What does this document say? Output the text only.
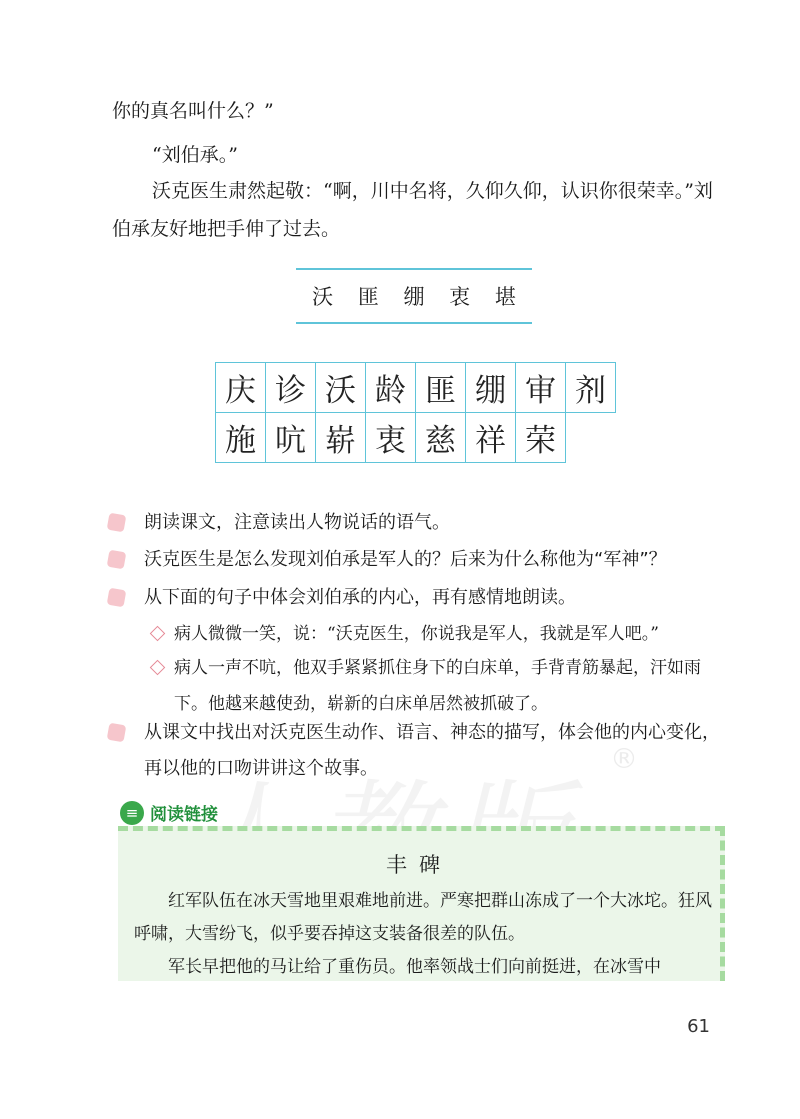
你的真名叫什么？”

“刘伯承。”

沃克医生肃然起敬：“啊，川中名将，久仰久仰，认识你很荣幸。”刘伯承友好地把手伸了过去。

沃 匪 绷 衷 堪
庆 诊 沃 龄 匪 绷 审 剂
施 吭 崭 衷 慈 祥 荣
朗读课文，注意读出人物说话的语气。
沃克医生是怎么发现刘伯承是军人的？后来为什么称他为“军神”？
从下面的句子中体会刘伯承的内心，再有感情地朗读。
病人微微一笑，说：“沃克医生，你说我是军人，我就是军人吧。”
病人一声不吭，他双手紧紧抓住身下的白床单，手背青筋暴起，汗如雨下。他越来越使劲，崭新的白床单居然被抓破了。
从课文中找出对沃克医生动作、语言、神态的描写，体会他的内心变化，再以他的口吻讲讲这个故事。	®
≡ 阅读链接
丰碑

红军队伍在冰天雪地里艰难地前进。严寒把群山冻成了一个大冰坨。狂风呼啸，大雪纷飞，似乎要吞掉这支装备很差的队伍。

军长早把他的马让给了重伤员。他率领战士们向前挺进，在冰雪中

61
